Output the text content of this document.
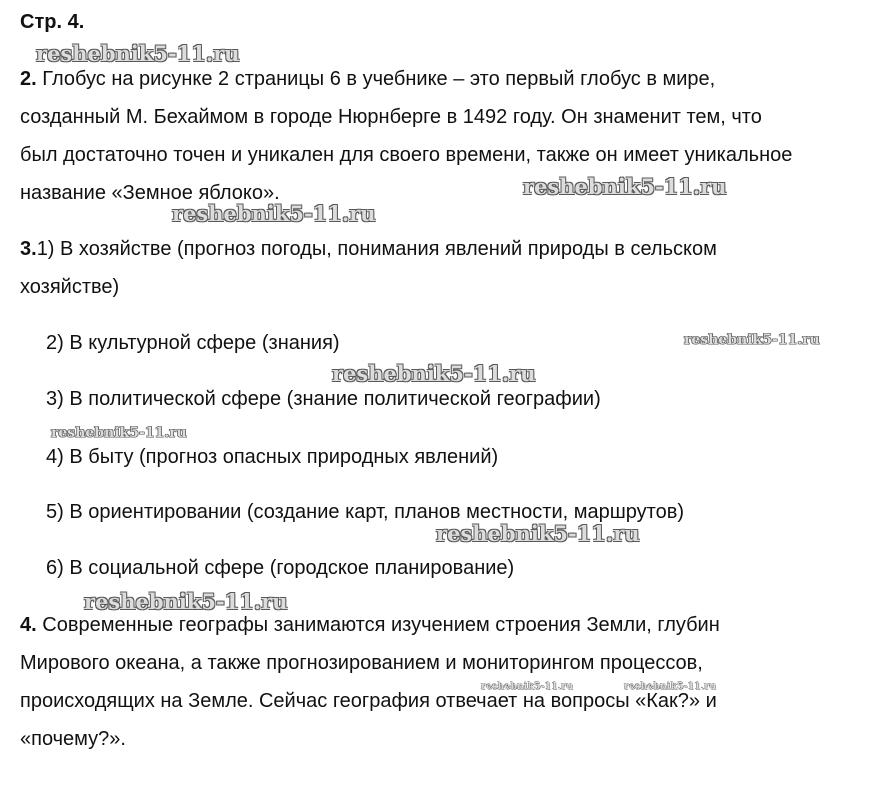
Стр. 4.
2. Глобус на рисунке 2 страницы 6 в учебнике – это первый глобус в мире,
созданный М. Бехаймом в городе Нюрнберге в 1492 году. Он знаменит тем, что
был достаточно точен и уникален для своего времени, также он имеет уникальное
название «Земное яблоко».
3.1) В хозяйстве (прогноз погоды, понимания явлений природы в сельском
хозяйстве)
2) В культурной сфере (знания)
3) В политической сфере (знание политической географии)
4) В быту (прогноз опасных природных явлений)
5) В ориентировании (создание карт, планов местности, маршрутов)
6) В социальной сфере (городское планирование)
4. Современные географы занимаются изучением строения Земли, глубин
Мирового океана, а также прогнозированием и мониторингом процессов,
происходящих на Земле. Сейчас география отвечает на вопросы «Как?» и
«почему?».
reshebnik5-11.ru
reshebnik5-11.ru
reshebnik5-11.ru
reshebnik5-11.ru
reshebnik5-11.ru
reshebnik5-11.ru
reshebnik5-11.ru
reshebnik5-11.ru
reshebnik5-11.ru	reshebnik5-11.ru
